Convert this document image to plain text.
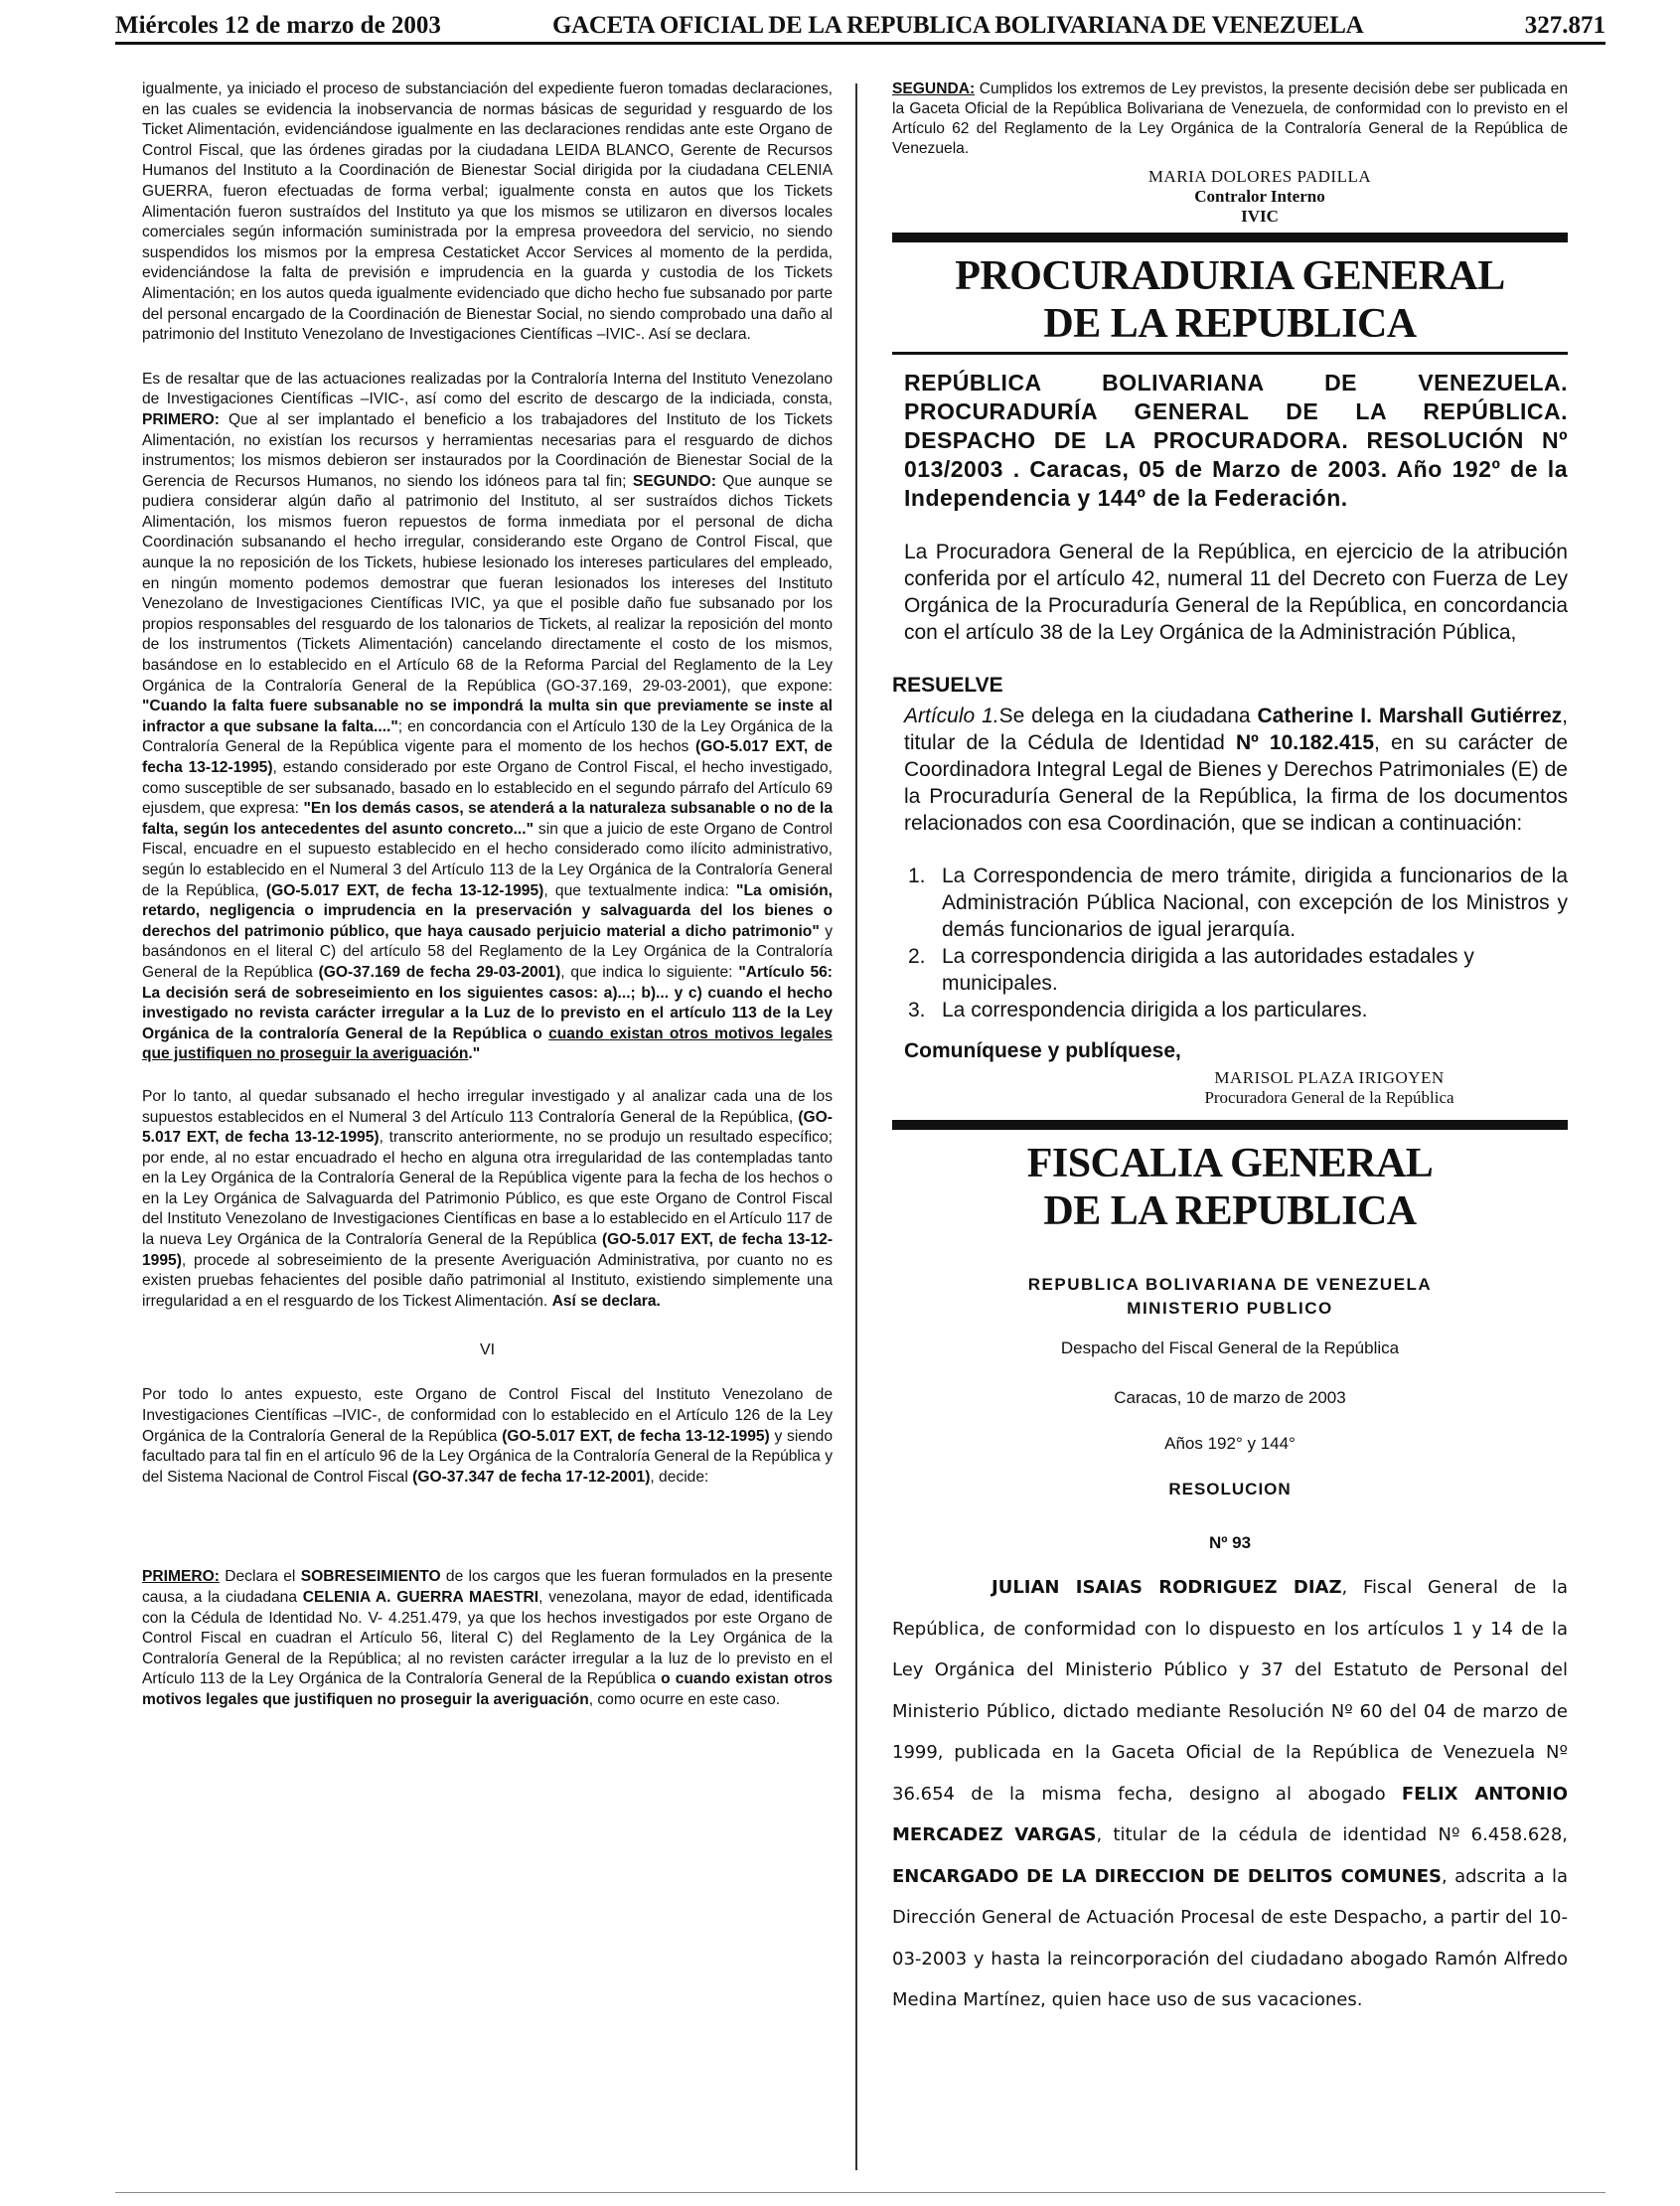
Miércoles 12 de marzo de 2003	GACETA OFICIAL DE LA REPUBLICA BOLIVARIANA DE VENEZUELA	327.871

igualmente, ya iniciado el proceso de substanciación del expediente fueron tomadas declaraciones, en las cuales se evidencia la inobservancia de normas básicas de seguridad y resguardo de los Ticket Alimentación, evidenciándose igualmente en las declaraciones rendidas ante este Organo de Control Fiscal, que las órdenes giradas por la ciudadana LEIDA BLANCO, Gerente de Recursos Humanos del Instituto a la Coordinación de Bienestar Social dirigida por la ciudadana CELENIA GUERRA, fueron efectuadas de forma verbal; igualmente consta en autos que los Tickets Alimentación fueron sustraídos del Instituto ya que los mismos se utilizaron en diversos locales comerciales según información suministrada por la empresa proveedora del servicio, no siendo suspendidos los mismos por la empresa Cestaticket Accor Services al momento de la perdida, evidenciándose la falta de previsión e imprudencia en la guarda y custodia de los Tickets Alimentación; en los autos queda igualmente evidenciado que dicho hecho fue subsanado por parte del personal encargado de la Coordinación de Bienestar Social, no siendo comprobado una daño al patrimonio del Instituto Venezolano de Investigaciones Científicas –IVIC-. Así se declara.

Es de resaltar que de las actuaciones realizadas por la Contraloría Interna del Instituto Venezolano de Investigaciones Científicas –IVIC-, así como del escrito de descargo de la indiciada, consta, PRIMERO: Que al ser implantado el beneficio a los trabajadores del Instituto de los Tickets Alimentación, no existían los recursos y herramientas necesarias para el resguardo de dichos instrumentos; los mismos debieron ser instaurados por la Coordinación de Bienestar Social de la Gerencia de Recursos Humanos, no siendo los idóneos para tal fin; SEGUNDO: Que aunque se pudiera considerar algún daño al patrimonio del Instituto, al ser sustraídos dichos Tickets Alimentación, los mismos fueron repuestos de forma inmediata por el personal de dicha Coordinación subsanando el hecho irregular, considerando este Organo de Control Fiscal, que aunque la no reposición de los Tickets, hubiese lesionado los intereses particulares del empleado, en ningún momento podemos demostrar que fueran lesionados los intereses del Instituto Venezolano de Investigaciones Científicas IVIC, ya que el posible daño fue subsanado por los propios responsables del resguardo de los talonarios de Tickets, al realizar la reposición del monto de los instrumentos (Tickets Alimentación) cancelando directamente el costo de los mismos, basándose en lo establecido en el Artículo 68 de la Reforma Parcial del Reglamento de la Ley Orgánica de la Contraloría General de la República (GO-37.169, 29-03-2001), que expone: "Cuando la falta fuere subsanable no se impondrá la multa sin que previamente se inste al infractor a que subsane la falta...."; en concordancia con el Artículo 130 de la Ley Orgánica de la Contraloría General de la República vigente para el momento de los hechos (GO-5.017 EXT, de fecha 13-12-1995), estando considerado por este Organo de Control Fiscal, el hecho investigado, como susceptible de ser subsanado, basado en lo establecido en el segundo párrafo del Artículo 69 ejusdem, que expresa: "En los demás casos, se atenderá a la naturaleza subsanable o no de la falta, según los antecedentes del asunto concreto..." sin que a juicio de este Organo de Control Fiscal, encuadre en el supuesto establecido en el hecho considerado como ilícito administrativo, según lo establecido en el Numeral 3 del Artículo 113 de la Ley Orgánica de la Contraloría General de la República, (GO-5.017 EXT, de fecha 13-12-1995), que textualmente indica: "La omisión, retardo, negligencia o imprudencia en la preservación y salvaguarda del los bienes o derechos del patrimonio público, que haya causado perjuicio material a dicho patrimonio" y basándonos en el literal C) del artículo 58 del Reglamento de la Ley Orgánica de la Contraloría General de la República (GO-37.169 de fecha 29-03-2001), que indica lo siguiente: "Artículo 56: La decisión será de sobreseimiento en los siguientes casos: a)...; b)... y c) cuando el hecho investigado no revista carácter irregular a la Luz de lo previsto en el artículo 113 de la Ley Orgánica de la contraloría General de la República o cuando existan otros motivos legales que justifiquen no proseguir la averiguación."

Por lo tanto, al quedar subsanado el hecho irregular investigado y al analizar cada una de los supuestos establecidos en el Numeral 3 del Artículo 113 Contraloría General de la República, (GO-5.017 EXT, de fecha 13-12-1995), transcrito anteriormente, no se produjo un resultado específico; por ende, al no estar encuadrado el hecho en alguna otra irregularidad de las contempladas tanto en la Ley Orgánica de la Contraloría General de la República vigente para la fecha de los hechos o en la Ley Orgánica de Salvaguarda del Patrimonio Público, es que este Organo de Control Fiscal del Instituto Venezolano de Investigaciones Científicas en base a lo establecido en el Artículo 117 de la nueva Ley Orgánica de la Contraloría General de la República (GO-5.017 EXT, de fecha 13-12-1995), procede al sobreseimiento de la presente Averiguación Administrativa, por cuanto no es existen pruebas fehacientes del posible daño patrimonial al Instituto, existiendo simplemente una irregularidad a en el resguardo de los Tickest Alimentación. Así se declara.

VI

Por todo lo antes expuesto, este Organo de Control Fiscal del Instituto Venezolano de Investigaciones Científicas –IVIC-, de conformidad con lo establecido en el Artículo 126 de la Ley Orgánica de la Contraloría General de la República (GO-5.017 EXT, de fecha 13-12-1995) y siendo facultado para tal fin en el artículo 96 de la Ley Orgánica de la Contraloría General de la República y del Sistema Nacional de Control Fiscal (GO-37.347 de fecha 17-12-2001), decide:

PRIMERO: Declara el SOBRESEIMIENTO de los cargos que les fueran formulados en la presente causa, a la ciudadana CELENIA A. GUERRA MAESTRI, venezolana, mayor de edad, identificada con la Cédula de Identidad No. V- 4.251.479, ya que los hechos investigados por este Organo de Control Fiscal en cuadran el Artículo 56, literal C) del Reglamento de la Ley Orgánica de la Contraloría General de la República; al no revisten carácter irregular a la luz de lo previsto en el Artículo 113 de la Ley Orgánica de la Contraloría General de la República o cuando existan otros motivos legales que justifiquen no proseguir la averiguación, como ocurre en este caso.

SEGUNDA: Cumplidos los extremos de Ley previstos, la presente decisión debe ser publicada en la Gaceta Oficial de la República Bolivariana de Venezuela, de conformidad con lo previsto en el Artículo 62 del Reglamento de la Ley Orgánica de la Contraloría General de la República de Venezuela.

MARIA DOLORES PADILLA
Contralor Interno
IVIC
PROCURADURIA GENERAL
DE LA REPUBLICA

REPÚBLICA BOLIVARIANA DE VENEZUELA. PROCURADURÍA GENERAL DE LA REPÚBLICA. DESPACHO DE LA PROCURADORA. RESOLUCIÓN Nº 013/2003 . Caracas, 05 de Marzo de 2003. Año 192º de la Independencia y 144º de la Federación.

La Procuradora General de la República, en ejercicio de la atribución conferida por el artículo 42, numeral 11 del Decreto con Fuerza de Ley Orgánica de la Procuraduría General de la República, en concordancia con el artículo 38 de la Ley Orgánica de la Administración Pública,

RESUELVE

Artículo 1.Se delega en la ciudadana Catherine I. Marshall Gutiérrez, titular de la Cédula de Identidad Nº 10.182.415, en su carácter de Coordinadora Integral Legal de Bienes y Derechos Patrimoniales (E) de la Procuraduría General de la República, la firma de los documentos relacionados con esa Coordinación, que se indican a continuación:

1. La Correspondencia de mero trámite, dirigida a funcionarios de la Administración Pública Nacional, con excepción de los Ministros y demás funcionarios de igual jerarquía.
2. La correspondencia dirigida a las autoridades estadales y municipales.
3. La correspondencia dirigida a los particulares.
Comuníquese y publíquese,
MARISOL PLAZA IRIGOYEN
Procuradora General de la República
FISCALIA GENERAL
DE LA REPUBLICA
REPUBLICA BOLIVARIANA DE VENEZUELA
MINISTERIO PUBLICO
Despacho del Fiscal General de la República
Caracas, 10 de marzo de 2003
Años 192° y 144°
RESOLUCION
Nº 93

JULIAN ISAIAS RODRIGUEZ DIAZ, Fiscal General de la República, de conformidad con lo dispuesto en los artículos 1 y 14 de la Ley Orgánica del Ministerio Público y 37 del Estatuto de Personal del Ministerio Público, dictado mediante Resolución Nº 60 del 04 de marzo de 1999, publicada en la Gaceta Oficial de la República de Venezuela Nº 36.654 de la misma fecha, designo al abogado FELIX ANTONIO MERCADEZ VARGAS, titular de la cédula de identidad Nº 6.458.628, ENCARGADO DE LA DIRECCION DE DELITOS COMUNES, adscrita a la Dirección General de Actuación Procesal de este Despacho, a partir del 10-03-2003 y hasta la reincorporación del ciudadano abogado Ramón Alfredo Medina Martínez, quien hace uso de sus vacaciones.
